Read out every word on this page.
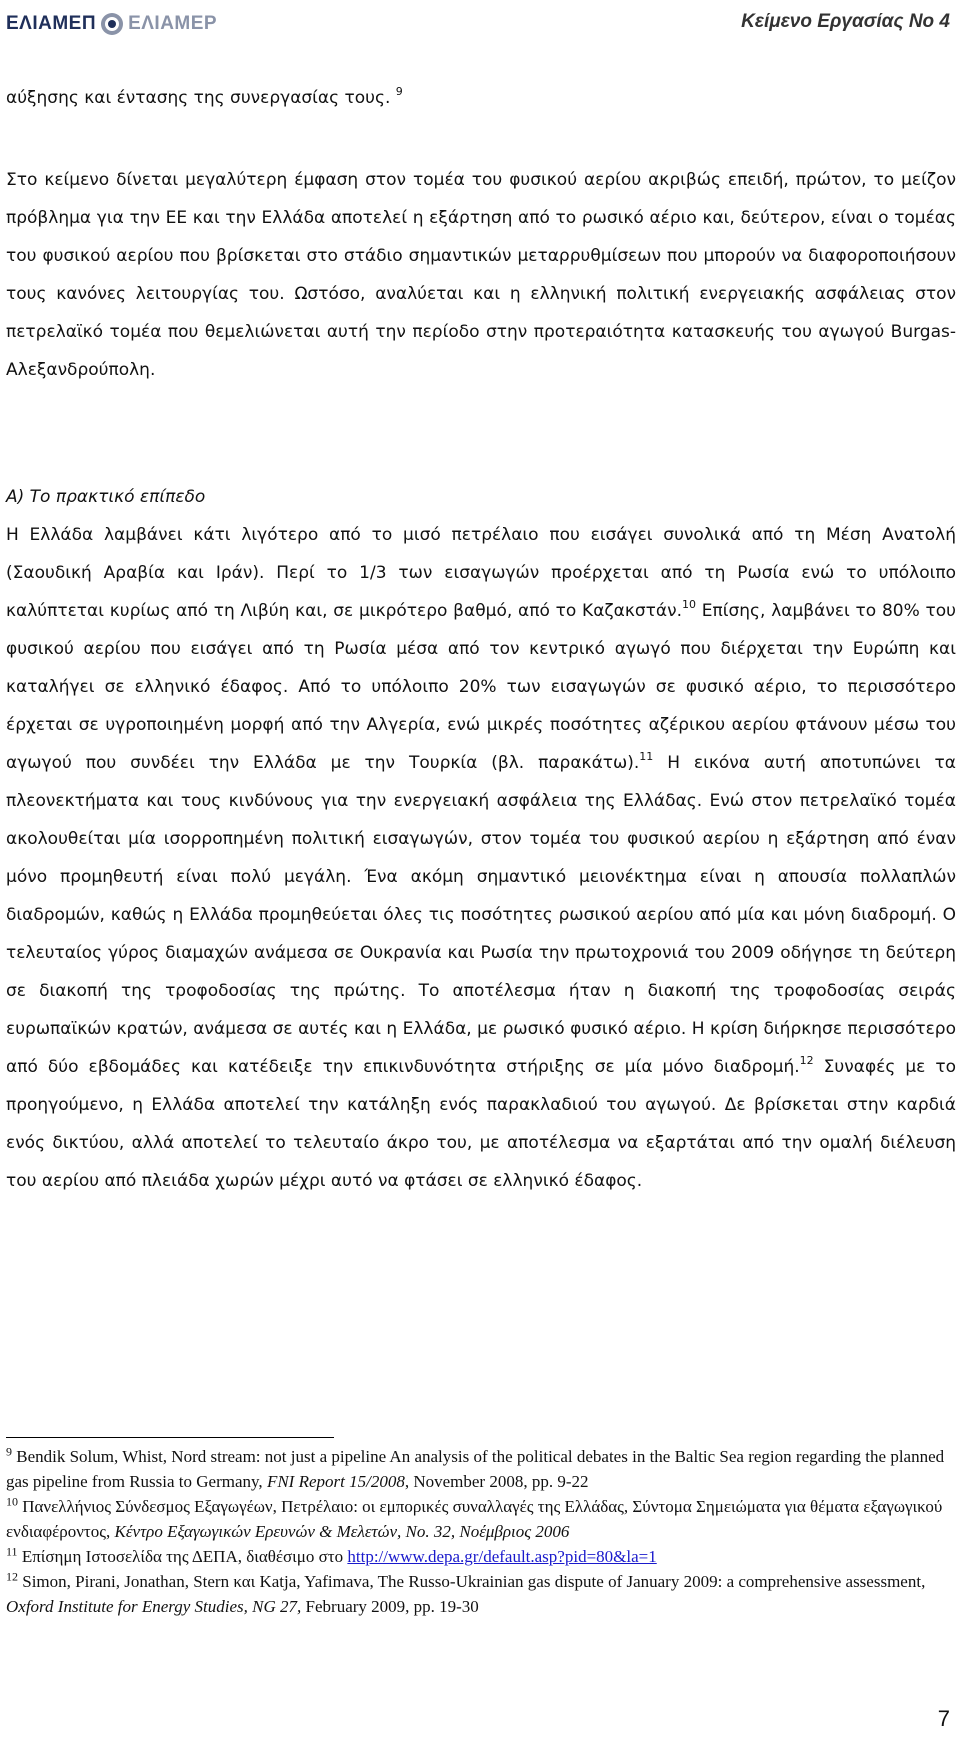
ΕΛΙΑΜΕΠ ΕΛΙΑΜΕΡ	Κείμενο Εργασίας Νο 4

αύξησης και έντασης της συνεργασίας τους. $^9$

Στο κείμενο δίνεται μεγαλύτερη έμφαση στον τομέα του φυσικού αερίου ακριβώς επειδή, πρώτον, το μείζον πρόβλημα για την ΕΕ και την Ελλάδα αποτελεί η εξάρτηση από το ρωσικό αέριο και, δεύτερον, είναι ο τομέας του φυσικού αερίου που βρίσκεται στο στάδιο σημαντικών μεταρρυθμίσεων που μπορούν να διαφοροποιήσουν τους κανόνες λειτουργίας του. Ωστόσο, αναλύεται και η ελληνική πολιτική ενεργειακής ασφάλειας στον πετρελαϊκό τομέα που θεμελιώνεται αυτή την περίοδο στην προτεραιότητα κατασκευής του αγωγού Burgas-Αλεξανδρούπολη.

Α) Το πρακτικό επίπεδο

Η Ελλάδα λαμβάνει κάτι λιγότερο από το μισό πετρέλαιο που εισάγει συνολικά από τη Μέση Ανατολή (Σαουδική Αραβία και Ιράν). Περί το 1/3 των εισαγωγών προέρχεται από τη Ρωσία ενώ το υπόλοιπο καλύπτεται κυρίως από τη Λιβύη και, σε μικρότερο βαθμό, από το Καζακστάν.$^{10}$ Επίσης, λαμβάνει το 80% του φυσικού αερίου που εισάγει από τη Ρωσία μέσα από τον κεντρικό αγωγό που διέρχεται την Ευρώπη και καταλήγει σε ελληνικό έδαφος. Από το υπόλοιπο 20% των εισαγωγών σε φυσικό αέριο, το περισσότερο έρχεται σε υγροποιημένη μορφή από την Αλγερία, ενώ μικρές ποσότητες αζέρικου αερίου φτάνουν μέσω του αγωγού που συνδέει την Ελλάδα με την Τουρκία (βλ. παρακάτω).$^{11}$ Η εικόνα αυτή αποτυπώνει τα πλεονεκτήματα και τους κινδύνους για την ενεργειακή ασφάλεια της Ελλάδας. Ενώ στον πετρελαϊκό τομέα ακολουθείται μία ισορροπημένη πολιτική εισαγωγών, στον τομέα του φυσικού αερίου η εξάρτηση από έναν μόνο προμηθευτή είναι πολύ μεγάλη. Ένα ακόμη σημαντικό μειονέκτημα είναι η απουσία πολλαπλών διαδρομών, καθώς η Ελλάδα προμηθεύεται όλες τις ποσότητες ρωσικού αερίου από μία και μόνη διαδρομή. Ο τελευταίος γύρος διαμαχών ανάμεσα σε Ουκρανία και Ρωσία την πρωτοχρονιά του 2009 οδήγησε τη δεύτερη σε διακοπή της τροφοδοσίας της πρώτης. Το αποτέλεσμα ήταν η διακοπή της τροφοδοσίας σειράς ευρωπαϊκών κρατών, ανάμεσα σε αυτές και η Ελλάδα, με ρωσικό φυσικό αέριο. Η κρίση διήρκησε περισσότερο από δύο εβδομάδες και κατέδειξε την επικινδυνότητα στήριξης σε μία μόνο διαδρομή.$^{12}$ Συναφές με το προηγούμενο, η Ελλάδα αποτελεί την κατάληξη ενός παρακλαδιού του αγωγού. Δε βρίσκεται στην καρδιά ενός δικτύου, αλλά αποτελεί το τελευταίο άκρο του, με αποτέλεσμα να εξαρτάται από την ομαλή διέλευση του αερίου από πλειάδα χωρών μέχρι αυτό να φτάσει σε ελληνικό έδαφος.

$^9$ Bendik Solum, Whist, Nord stream: not just a pipeline An analysis of the political debates in the Baltic Sea region regarding the planned gas pipeline from Russia to Germany, FNI Report 15/2008, November 2008, pp. 9-22

$^{10}$ Πανελλήνιος Σύνδεσμος Εξαγωγέων, Πετρέλαιο: οι εμπορικές συναλλαγές της Ελλάδας, Σύντομα Σημειώματα για θέματα εξαγωγικού ενδιαφέροντος, Κέντρο Εξαγωγικών Ερευνών & Μελετών, Νο. 32, Νοέμβριος 2006

$^{11}$ Επίσημη Ιστοσελίδα της ΔΕΠΑ, διαθέσιμο στο http://www.depa.gr/default.asp?pid=80&la=1

$^{12}$ Simon, Pirani, Jonathan, Stern και Katja, Yafimava, The Russo-Ukrainian gas dispute of January 2009: a comprehensive assessment, Oxford Institute for Energy Studies, NG 27, February 2009, pp. 19-30

7
